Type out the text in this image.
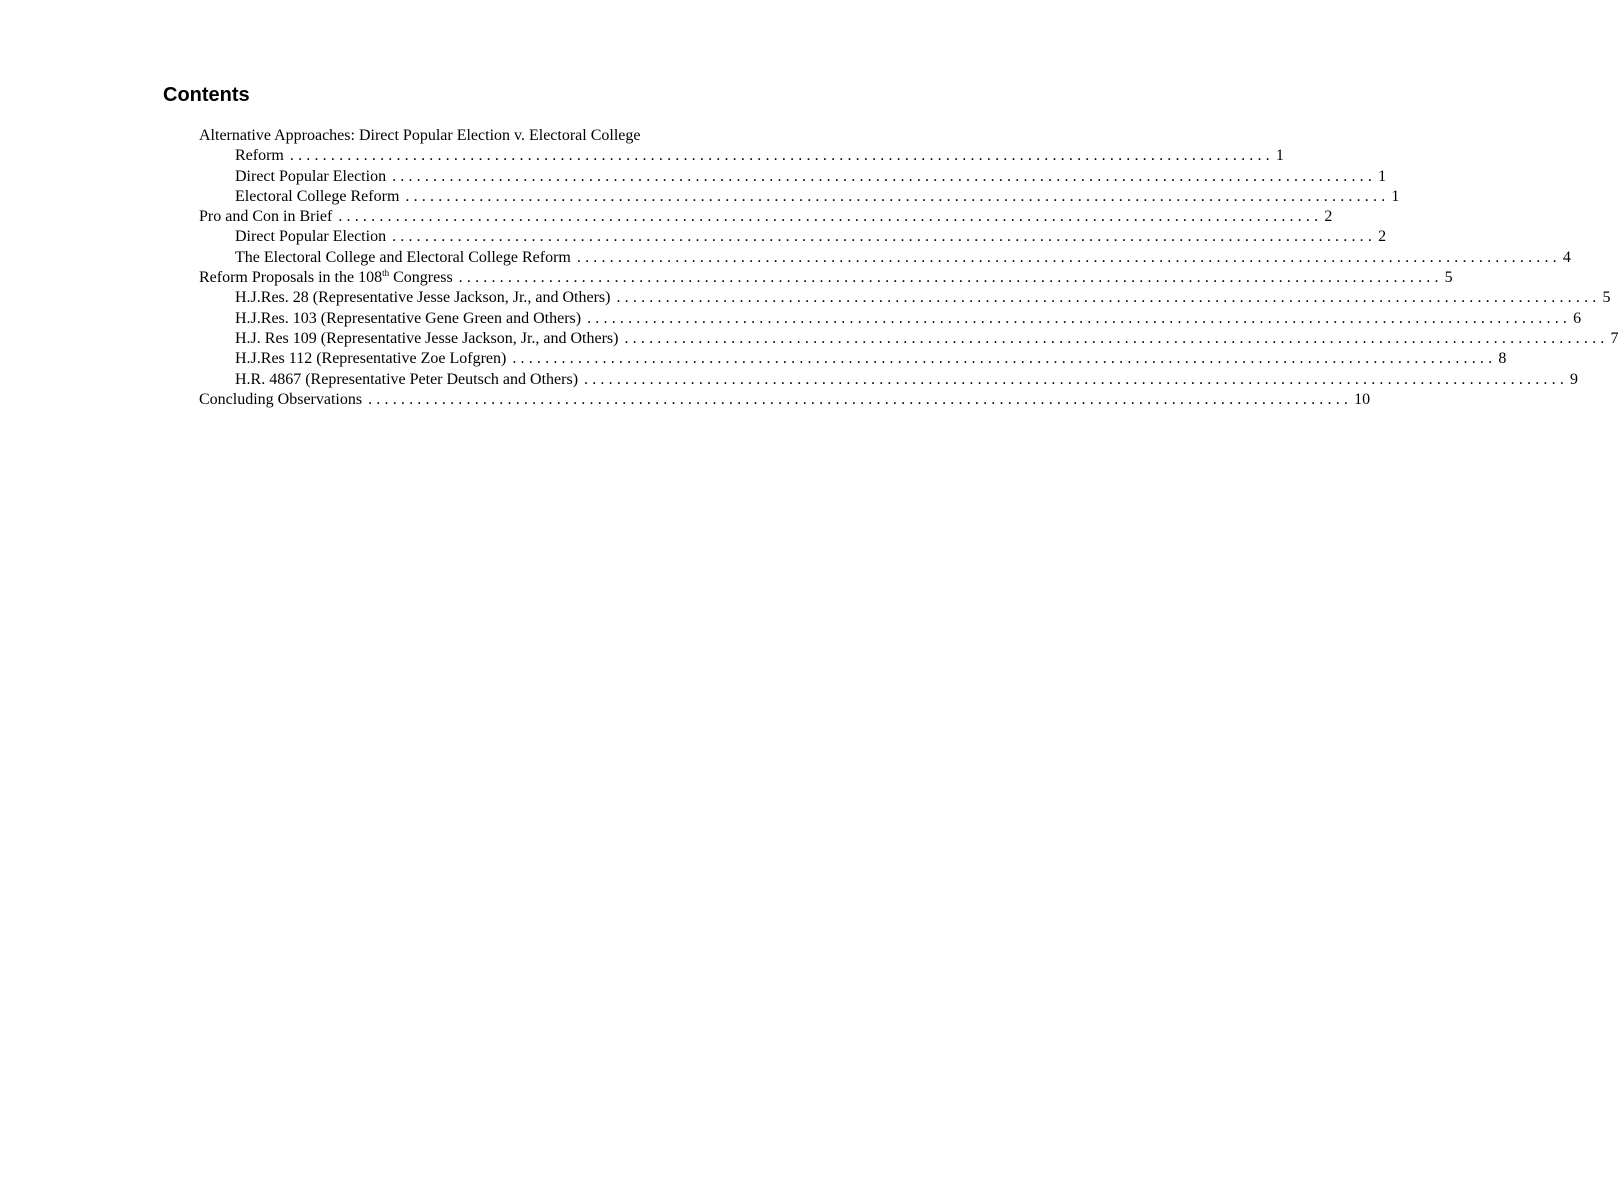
Contents
Alternative Approaches: Direct Popular Election v. Electoral College
Reform ........................................................................................................................ 1
Direct Popular Election ........................................................................................................................ 1
Electoral College Reform ........................................................................................................................ 1
Pro and Con in Brief ........................................................................................................................ 2
Direct Popular Election ........................................................................................................................ 2
The Electoral College and Electoral College Reform ........................................................................................................................ 4
Reform Proposals in the 108th Congress ........................................................................................................................ 5
H.J.Res. 28 (Representative Jesse Jackson, Jr., and Others) ........................................................................................................................ 5
H.J.Res. 103 (Representative Gene Green and Others) ........................................................................................................................ 6
H.J. Res 109 (Representative Jesse Jackson, Jr., and Others) ........................................................................................................................ 7
H.J.Res 112 (Representative Zoe Lofgren) ........................................................................................................................ 8
H.R. 4867 (Representative Peter Deutsch and Others) ........................................................................................................................ 9
Concluding Observations ........................................................................................................................ 10
